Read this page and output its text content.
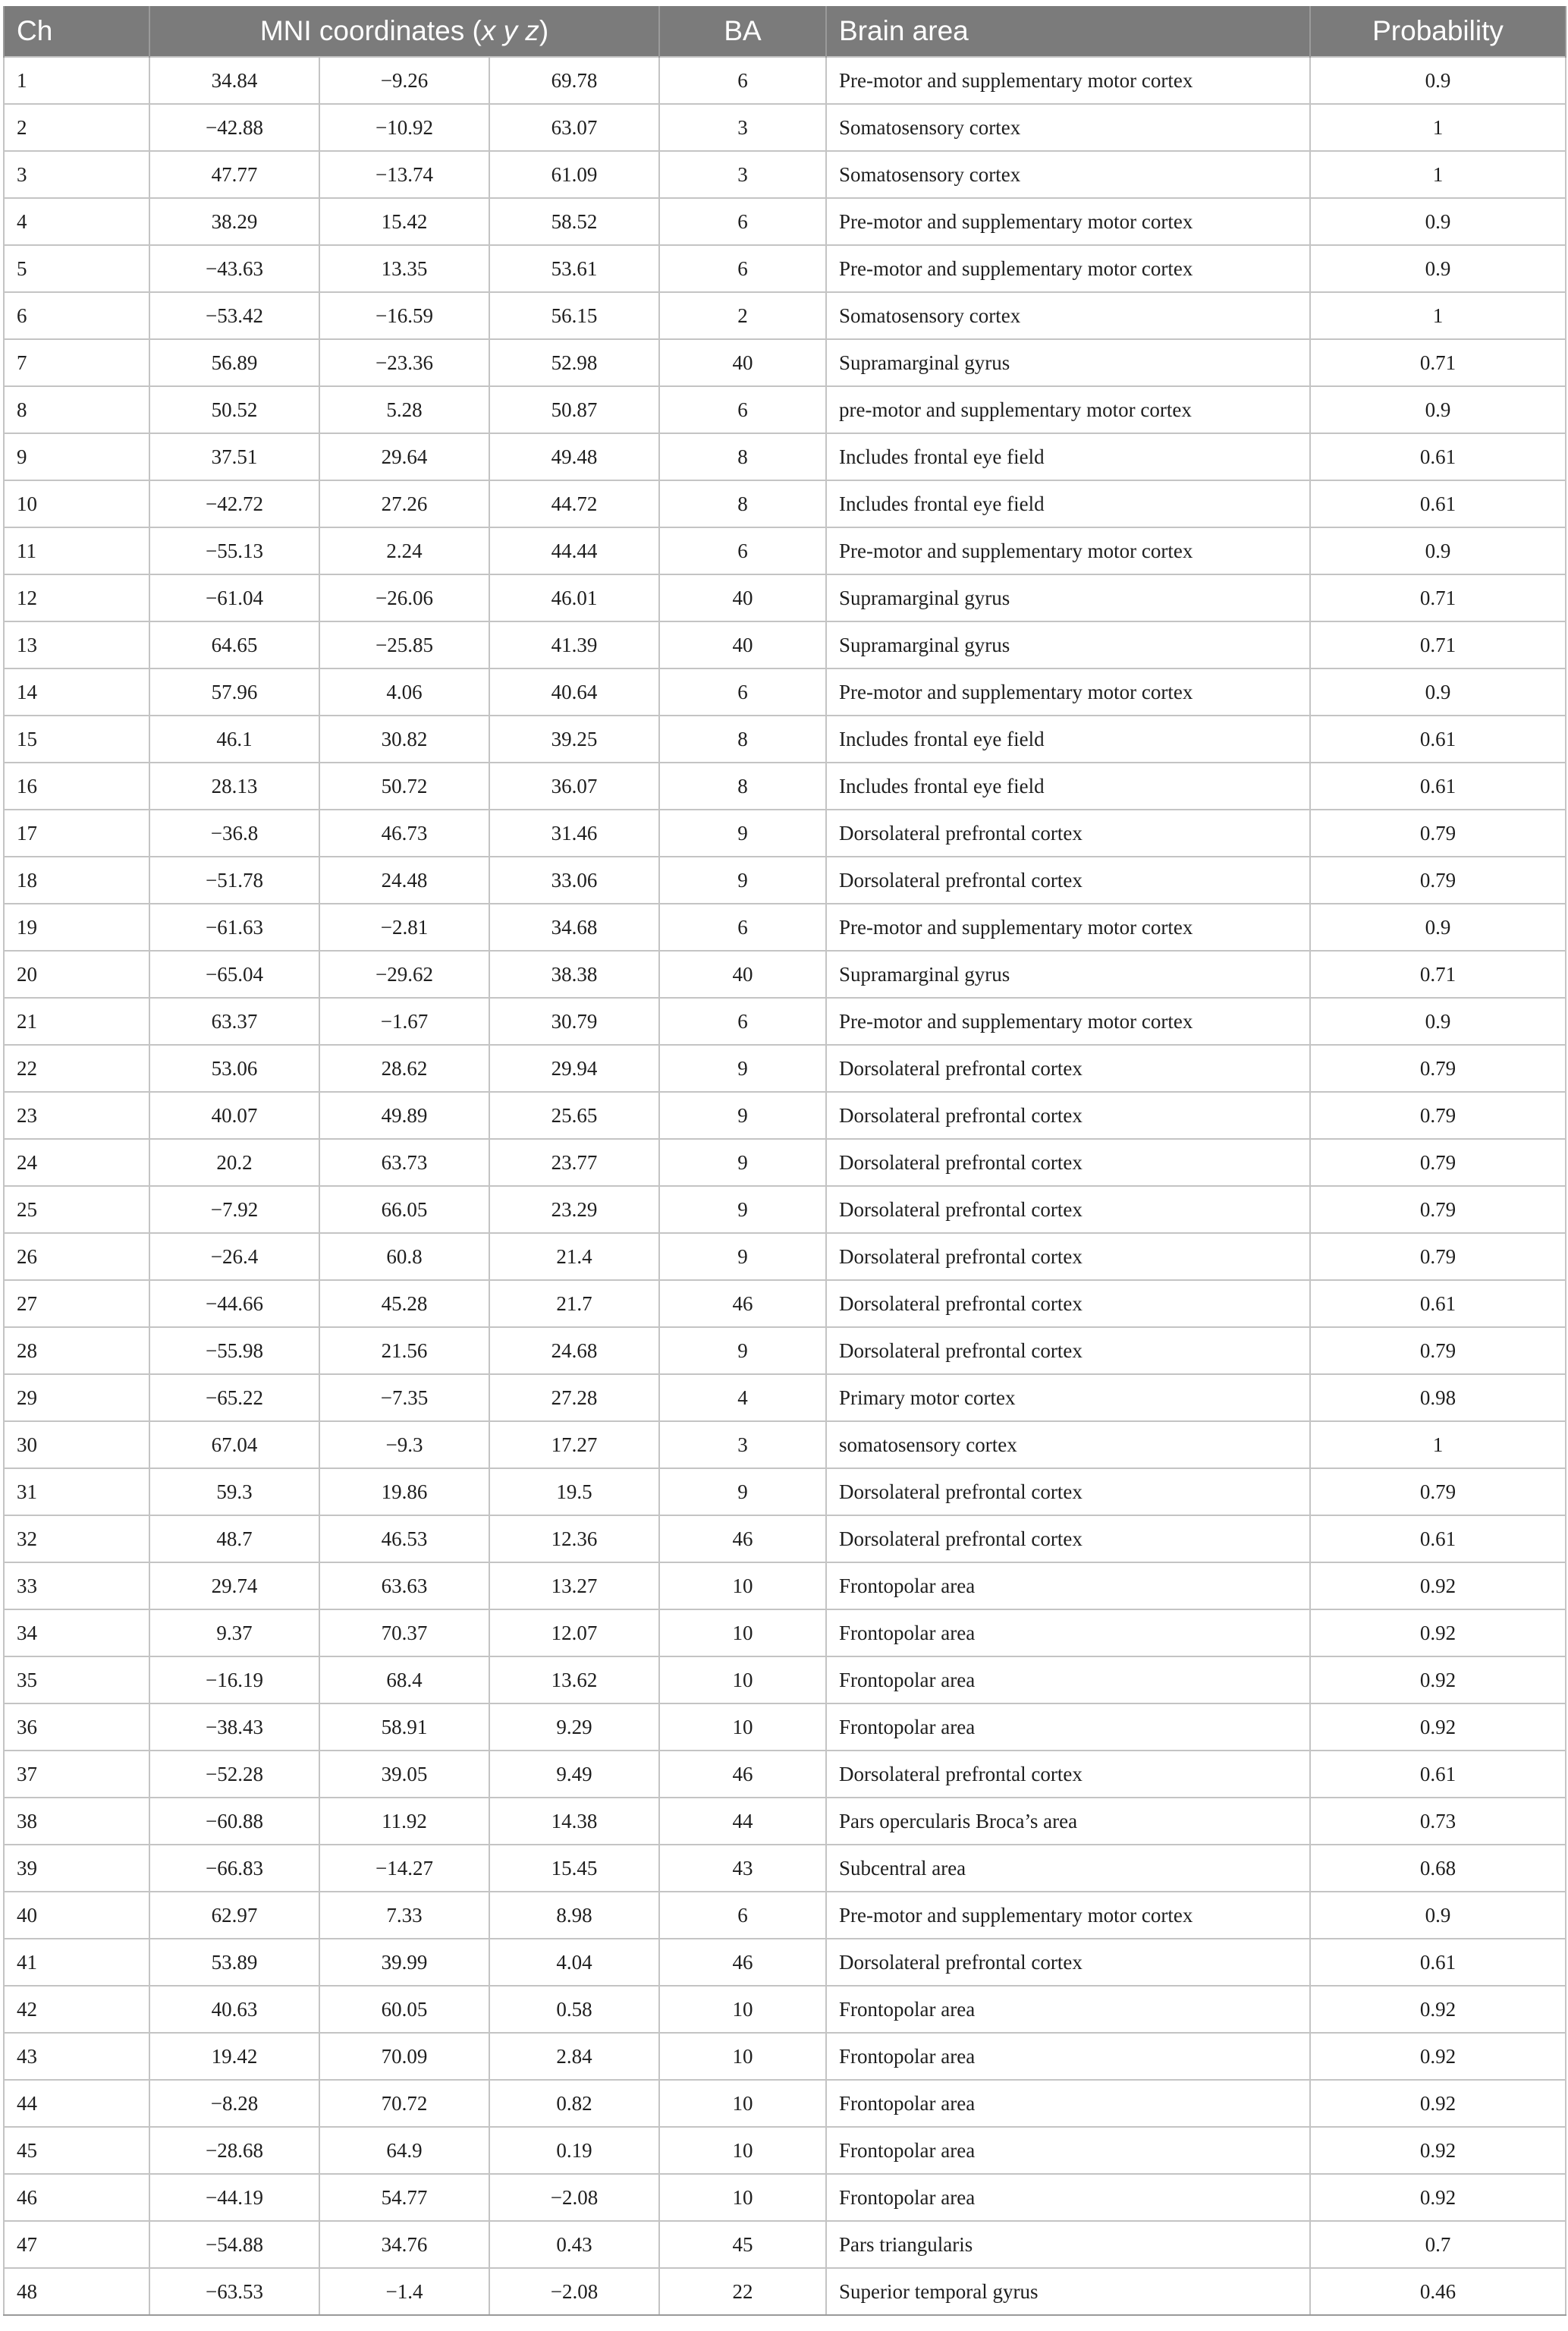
Ch	MNI coordinates (x y z)			BA	Brain area	Probability
1	34.84	−9.26	69.78	6	Pre-motor and supplementary motor cortex	0.9
2	−42.88	−10.92	63.07	3	Somatosensory cortex	1
3	47.77	−13.74	61.09	3	Somatosensory cortex	1
4	38.29	15.42	58.52	6	Pre-motor and supplementary motor cortex	0.9
5	−43.63	13.35	53.61	6	Pre-motor and supplementary motor cortex	0.9
6	−53.42	−16.59	56.15	2	Somatosensory cortex	1
7	56.89	−23.36	52.98	40	Supramarginal gyrus	0.71
8	50.52	5.28	50.87	6	pre-motor and supplementary motor cortex	0.9
9	37.51	29.64	49.48	8	Includes frontal eye field	0.61
10	−42.72	27.26	44.72	8	Includes frontal eye field	0.61
11	−55.13	2.24	44.44	6	Pre-motor and supplementary motor cortex	0.9
12	−61.04	−26.06	46.01	40	Supramarginal gyrus	0.71
13	64.65	−25.85	41.39	40	Supramarginal gyrus	0.71
14	57.96	4.06	40.64	6	Pre-motor and supplementary motor cortex	0.9
15	46.1	30.82	39.25	8	Includes frontal eye field	0.61
16	28.13	50.72	36.07	8	Includes frontal eye field	0.61
17	−36.8	46.73	31.46	9	Dorsolateral prefrontal cortex	0.79
18	−51.78	24.48	33.06	9	Dorsolateral prefrontal cortex	0.79
19	−61.63	−2.81	34.68	6	Pre-motor and supplementary motor cortex	0.9
20	−65.04	−29.62	38.38	40	Supramarginal gyrus	0.71
21	63.37	−1.67	30.79	6	Pre-motor and supplementary motor cortex	0.9
22	53.06	28.62	29.94	9	Dorsolateral prefrontal cortex	0.79
23	40.07	49.89	25.65	9	Dorsolateral prefrontal cortex	0.79
24	20.2	63.73	23.77	9	Dorsolateral prefrontal cortex	0.79
25	−7.92	66.05	23.29	9	Dorsolateral prefrontal cortex	0.79
26	−26.4	60.8	21.4	9	Dorsolateral prefrontal cortex	0.79
27	−44.66	45.28	21.7	46	Dorsolateral prefrontal cortex	0.61
28	−55.98	21.56	24.68	9	Dorsolateral prefrontal cortex	0.79
29	−65.22	−7.35	27.28	4	Primary motor cortex	0.98
30	67.04	−9.3	17.27	3	somatosensory cortex	1
31	59.3	19.86	19.5	9	Dorsolateral prefrontal cortex	0.79
32	48.7	46.53	12.36	46	Dorsolateral prefrontal cortex	0.61
33	29.74	63.63	13.27	10	Frontopolar area	0.92
34	9.37	70.37	12.07	10	Frontopolar area	0.92
35	−16.19	68.4	13.62	10	Frontopolar area	0.92
36	−38.43	58.91	9.29	10	Frontopolar area	0.92
37	−52.28	39.05	9.49	46	Dorsolateral prefrontal cortex	0.61
38	−60.88	11.92	14.38	44	Pars opercularis Broca’s area	0.73
39	−66.83	−14.27	15.45	43	Subcentral area	0.68
40	62.97	7.33	8.98	6	Pre-motor and supplementary motor cortex	0.9
41	53.89	39.99	4.04	46	Dorsolateral prefrontal cortex	0.61
42	40.63	60.05	0.58	10	Frontopolar area	0.92
43	19.42	70.09	2.84	10	Frontopolar area	0.92
44	−8.28	70.72	0.82	10	Frontopolar area	0.92
45	−28.68	64.9	0.19	10	Frontopolar area	0.92
46	−44.19	54.77	−2.08	10	Frontopolar area	0.92
47	−54.88	34.76	0.43	45	Pars triangularis	0.7
48	−63.53	−1.4	−2.08	22	Superior temporal gyrus	0.46
